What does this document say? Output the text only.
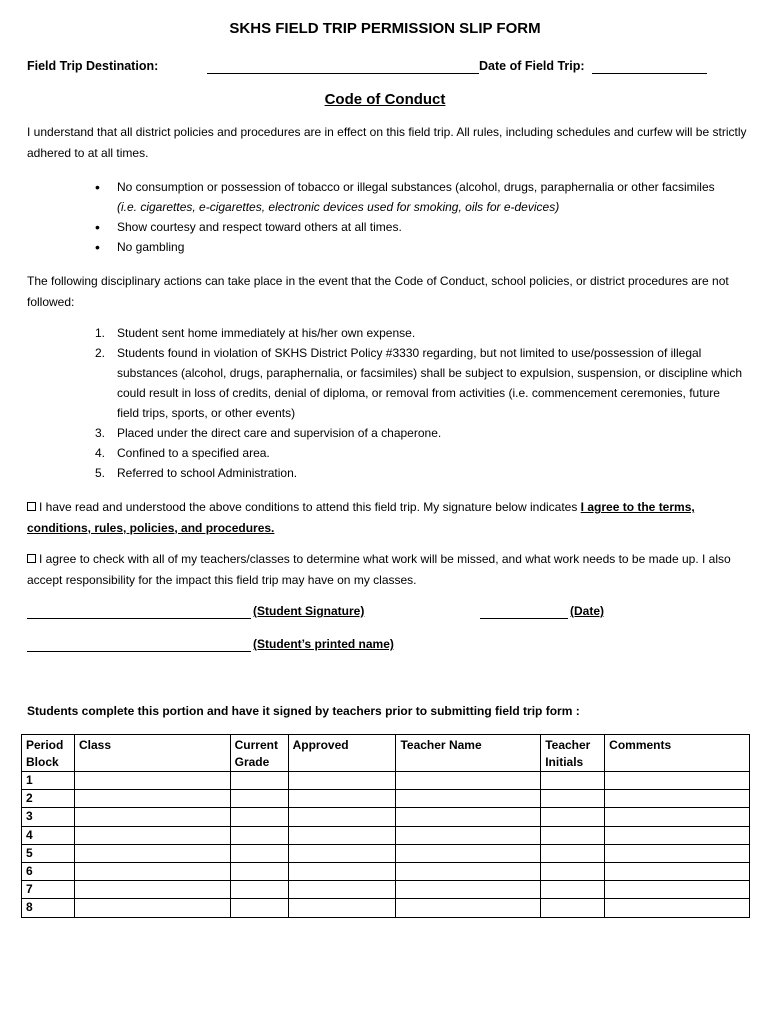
SKHS FIELD TRIP PERMISSION SLIP FORM
Field Trip Destination:	Date of Field Trip:
Code of Conduct

I understand that all district policies and procedures are in effect on this field trip. All rules, including schedules and curfew will be strictly adhered to at all times.

• No consumption or possession of tobacco or illegal substances (alcohol, drugs, paraphernalia or other facsimiles (i.e. cigarettes, e-cigarettes, electronic devices used for smoking, oils for e-devices)
• Show courtesy and respect toward others at all times.
• No gambling

The following disciplinary actions can take place in the event that the Code of Conduct, school policies, or district procedures are not followed:

1. Student sent home immediately at his/her own expense.
2. Students found in violation of SKHS District Policy #3330 regarding, but not limited to use/possession of illegal substances (alcohol, drugs, paraphernalia, or facsimiles) shall be subject to expulsion, suspension, or discipline which could result in loss of credits, denial of diploma, or removal from activities (i.e. commencement ceremonies, future field trips, sports, or other events)
3. Placed under the direct care and supervision of a chaperone.
4. Confined to a specified area.
5. Referred to school Administration.

I have read and understood the above conditions to attend this field trip. My signature below indicates I agree to the terms, conditions, rules, policies, and procedures.

I agree to check with all of my teachers/classes to determine what work will be missed, and what work needs to be made up. I also accept responsibility for the impact this field trip may have on my classes.

(Student Signature)	(Date)
(Student’s printed name)
Students complete this portion and have it signed by teachers prior to submitting field trip form :
Period Block	Class	Current Grade	Approved	Teacher Name	Teacher Initials	Comments
1						
2						
3						
4						
5						
6						
7						
8						
